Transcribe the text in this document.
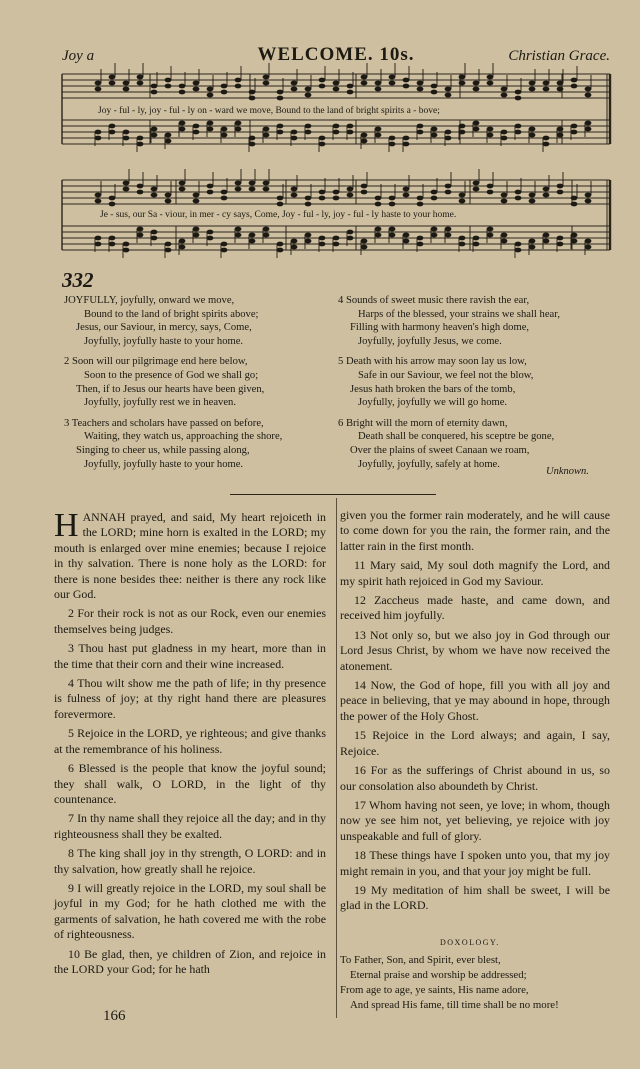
Joy a	WELCOME. 10s.	Christian Grace.
Joy - ful - ly, joy - ful - ly on - ward we move, Bound to the land of bright spirits a - bove;
Je - sus, our Sa - viour, in mer - cy says, Come, Joy - ful - ly, joy - ful - ly haste to your home.
332

JOYFULLY, joyfully, onward we move,
Bound to the land of bright spirits above;
Jesus, our Saviour, in mercy, says, Come,
Joyfully, joyfully haste to your home.

2 Soon will our pilgrimage end here below,
Soon to the presence of God we shall go;
Then, if to Jesus our hearts have been given,
Joyfully, joyfully rest we in heaven.

3 Teachers and scholars have passed on before,
Waiting, they watch us, approaching the shore,
Singing to cheer us, while passing along,
Joyfully, joyfully haste to your home.

4 Sounds of sweet music there ravish the ear,
Harps of the blessed, your strains we shall hear,
Filling with harmony heaven's high dome,
Joyfully, joyfully Jesus, we come.

5 Death with his arrow may soon lay us low,
Safe in our Saviour, we feel not the blow,
Jesus hath broken the bars of the tomb,
Joyfully, joyfully we will go home.

6 Bright will the morn of eternity dawn,
Death shall be conquered, his sceptre be gone,
Over the plains of sweet Canaan we roam,
Joyfully, joyfully, safely at home.

Unknown.

HANNAH prayed, and said, My heart rejoiceth in the LORD; mine horn is exalted in the LORD; my mouth is enlarged over mine enemies; because I rejoice in thy salvation. There is none holy as the LORD: for there is none besides thee: neither is there any rock like our God.

2 For their rock is not as our Rock, even our enemies themselves being judges.

3 Thou hast put gladness in my heart, more than in the time that their corn and their wine increased.

4 Thou wilt show me the path of life; in thy presence is fulness of joy; at thy right hand there are pleasures forevermore.

5 Rejoice in the LORD, ye righteous; and give thanks at the remembrance of his holiness.

6 Blessed is the people that know the joyful sound; they shall walk, O LORD, in the light of thy countenance.

7 In thy name shall they rejoice all the day; and in thy righteousness shall they be exalted.

8 The king shall joy in thy strength, O LORD: and in thy salvation, how greatly shall he rejoice.

9 I will greatly rejoice in the LORD, my soul shall be joyful in my God; for he hath clothed me with the garments of salvation, he hath covered me with the robe of righteousness.

10 Be glad, then, ye children of Zion, and rejoice in the LORD your God; for he hath

given you the former rain moderately, and he will cause to come down for you the rain, the former rain, and the latter rain in the first month.

11 Mary said, My soul doth magnify the Lord, and my spirit hath rejoiced in God my Saviour.

12 Zaccheus made haste, and came down, and received him joyfully.

13 Not only so, but we also joy in God through our Lord Jesus Christ, by whom we have now received the atonement.

14 Now, the God of hope, fill you with all joy and peace in believing, that ye may abound in hope, through the power of the Holy Ghost.

15 Rejoice in the Lord always; and again, I say, Rejoice.

16 For as the sufferings of Christ abound in us, so our consolation also aboundeth by Christ.

17 Whom having not seen, ye love; in whom, though now ye see him not, yet believing, ye rejoice with joy unspeakable and full of glory.

18 These things have I spoken unto you, that my joy might remain in you, and that your joy might be full.

19 My meditation of him shall be sweet, I will be glad in the LORD.

DOXOLOGY.
To Father, Son, and Spirit, ever blest,
Eternal praise and worship be addressed;
From age to age, ye saints, His name adore,
And spread His fame, till time shall be no more!
166
